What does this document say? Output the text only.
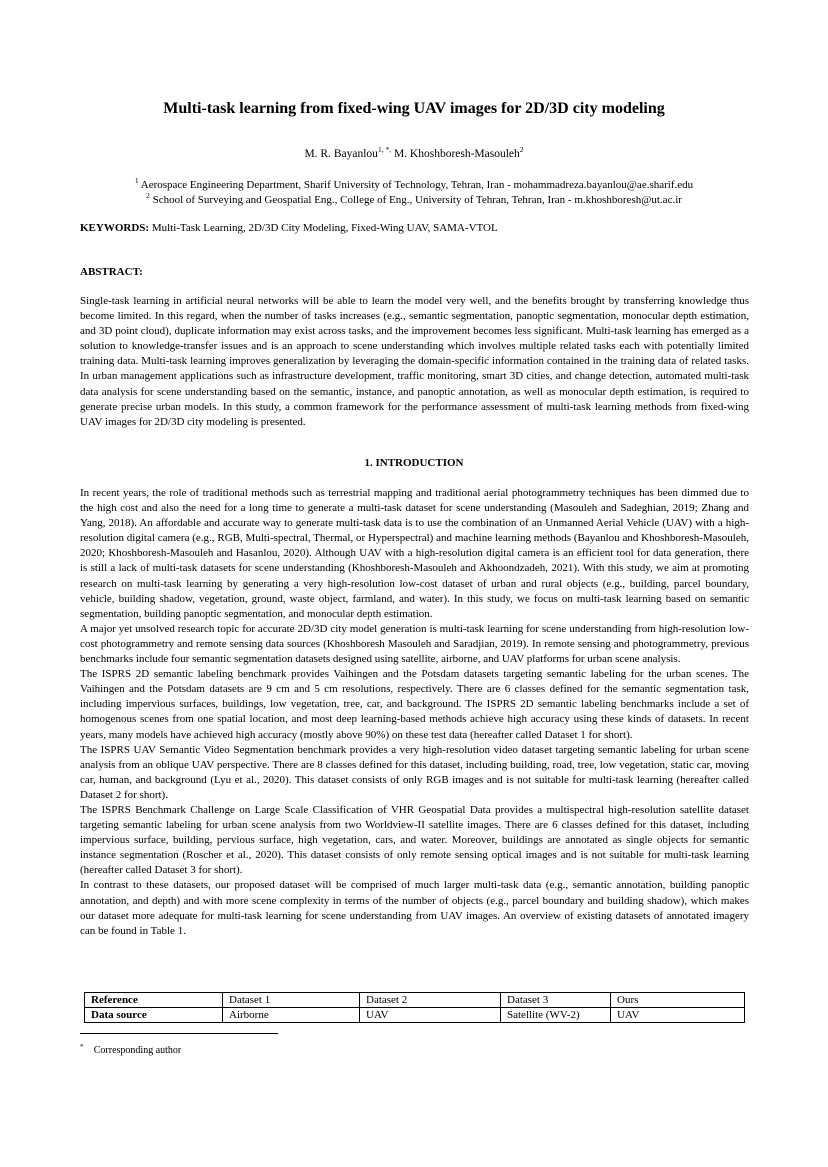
Multi-task learning from fixed-wing UAV images for 2D/3D city modeling
M. R. Bayanlou$^{1, *,}$ M. Khoshboresh-Masouleh$^2$
$^1$ Aerospace Engineering Department, Sharif University of Technology, Tehran, Iran - mohammadreza.bayanlou@ae.sharif.edu
$^2$ School of Surveying and Geospatial Eng., College of Eng., University of Tehran, Tehran, Iran - m.khoshboresh@ut.ac.ir
KEYWORDS: Multi-Task Learning, 2D/3D City Modeling, Fixed-Wing UAV, SAMA-VTOL
ABSTRACT:
Single-task learning in artificial neural networks will be able to learn the model very well, and the benefits brought by transferring knowledge thus become limited. In this regard, when the number of tasks increases (e.g., semantic segmentation, panoptic segmentation, monocular depth estimation, and 3D point cloud), duplicate information may exist across tasks, and the improvement becomes less significant. Multi-task learning has emerged as a solution to knowledge-transfer issues and is an approach to scene understanding which involves multiple related tasks each with potentially limited training data. Multi-task learning improves generalization by leveraging the domain-specific information contained in the training data of related tasks. In urban management applications such as infrastructure development, traffic monitoring, smart 3D cities, and change detection, automated multi-task data analysis for scene understanding based on the semantic, instance, and panoptic annotation, as well as monocular depth estimation, is required to generate precise urban models. In this study, a common framework for the performance assessment of multi-task learning methods from fixed-wing UAV images for 2D/3D city modeling is presented.
1. INTRODUCTION

In recent years, the role of traditional methods such as terrestrial mapping and traditional aerial photogrammetry techniques has been dimmed due to the high cost and also the need for a long time to generate a multi-task dataset for scene understanding (Masouleh and Sadeghian, 2019; Zhang and Yang, 2018). An affordable and accurate way to generate multi-task data is to use the combination of an Unmanned Aerial Vehicle (UAV) with a high-resolution digital camera (e.g., RGB, Multi-spectral, Thermal, or Hyperspectral) and machine learning methods (Bayanlou and Khoshboresh-Masouleh, 2020; Khoshboresh-Masouleh and Hasanlou, 2020). Although UAV with a high-resolution digital camera is an efficient tool for data generation, there is still a lack of multi-task datasets for scene understanding (Khoshboresh-Masouleh and Akhoondzadeh, 2021). With this study, we aim at promoting research on multi-task learning by generating a very high-resolution low-cost dataset of urban and rural objects (e.g., building, parcel boundary, vehicle, building shadow, vegetation, ground, waste object, farmland, and water). In this study, we focus on multi-task learning based on semantic segmentation, building panoptic segmentation, and monocular depth estimation.

A major yet unsolved research topic for accurate 2D/3D city model generation is multi-task learning for scene understanding from high-resolution low-cost photogrammetry and remote sensing data sources (Khoshboresh Masouleh and Saradjian, 2019). In remote sensing and photogrammetry, previous benchmarks include four semantic segmentation datasets designed using satellite, airborne, and UAV platforms for urban scene analysis.

The ISPRS 2D semantic labeling benchmark provides Vaihingen and the Potsdam datasets targeting semantic labeling for the urban scenes. The Vaihingen and the Potsdam datasets are 9 cm and 5 cm resolutions, respectively. There are 6 classes defined for the semantic segmentation task, including impervious surfaces, buildings, low vegetation, tree, car, and background. The ISPRS 2D semantic labeling benchmarks include a set of homogenous scenes from one spatial location, and most deep learning-based methods achieve high accuracy using these kinds of datasets. In recent years, many models have achieved high accuracy (mostly above 90%) on these test data (hereafter called Dataset 1 for short).

The ISPRS UAV Semantic Video Segmentation benchmark provides a very high-resolution video dataset targeting semantic labeling for urban scene analysis from an oblique UAV perspective. There are 8 classes defined for this dataset, including building, road, tree, low vegetation, static car, moving car, human, and background (Lyu et al., 2020). This dataset consists of only RGB images and is not suitable for multi-task learning (hereafter called Dataset 2 for short).

The ISPRS Benchmark Challenge on Large Scale Classification of VHR Geospatial Data provides a multispectral high-resolution satellite dataset targeting semantic labeling for urban scene analysis from two Worldview-II satellite images. There are 6 classes defined for this dataset, including impervious surface, building, pervious surface, high vegetation, cars, and water. Moreover, buildings are annotated as single objects for semantic instance segmentation (Roscher et al., 2020). This dataset consists of only remote sensing optical images and is not suitable for multi-task learning (hereafter called Dataset 3 for short).

In contrast to these datasets, our proposed dataset will be comprised of much larger multi-task data (e.g., semantic annotation, building panoptic annotation, and depth) and with more scene complexity in terms of the number of objects (e.g., parcel boundary and building shadow), which makes our dataset more adequate for multi-task learning for scene understanding from UAV images. An overview of existing datasets of annotated imagery can be found in Table 1.

Reference	Dataset 1	Dataset 2	Dataset 3	Ours
Data source	Airborne	UAV	Satellite (WV-2)	UAV
* Corresponding author
